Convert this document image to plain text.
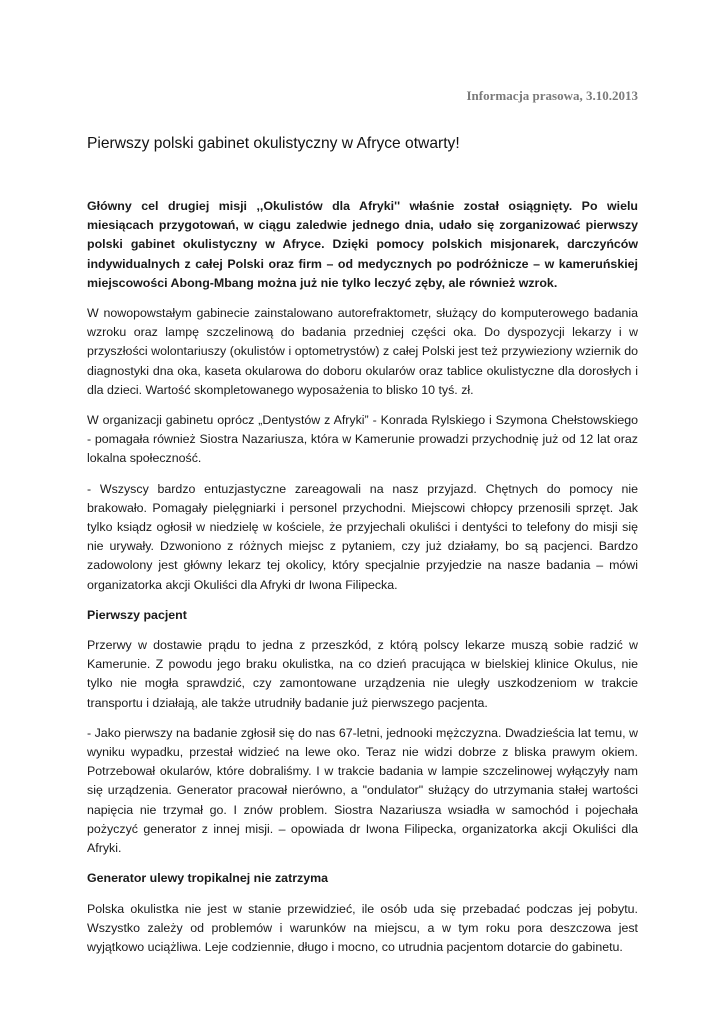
Informacja prasowa, 3.10.2013
Pierwszy polski gabinet okulistyczny w Afryce otwarty!

Główny cel drugiej misji ,,Okulistów dla Afryki'' właśnie został osiągnięty. Po wielu miesiącach przygotowań, w ciągu zaledwie jednego dnia, udało się zorganizować pierwszy polski gabinet okulistyczny w Afryce. Dzięki pomocy polskich misjonarek, darczyńców indywidualnych z całej Polski oraz firm – od medycznych po podróżnicze – w kameruńskiej miejscowości Abong-Mbang można już nie tylko leczyć zęby, ale również wzrok.

W nowopowstałym gabinecie zainstalowano autorefraktometr, służący do komputerowego badania wzroku oraz lampę szczelinową do badania przedniej części oka. Do dyspozycji lekarzy i w przyszłości wolontariuszy (okulistów i optometrystów) z całej Polski jest też przywieziony wziernik do diagnostyki dna oka, kaseta okularowa do doboru okularów oraz tablice okulistyczne dla dorosłych i dla dzieci. Wartość skompletowanego wyposażenia to blisko 10 tyś. zł.

W organizacji gabinetu oprócz „Dentystów z Afryki” - Konrada Rylskiego i Szymona Chełstowskiego - pomagała również Siostra Nazariusza, która w Kamerunie prowadzi przychodnię już od 12 lat oraz lokalna społeczność.

- Wszyscy bardzo entuzjastyczne zareagowali na nasz przyjazd. Chętnych do pomocy nie brakowało. Pomagały pielęgniarki i personel przychodni. Miejscowi chłopcy przenosili sprzęt. Jak tylko ksiądz ogłosił w niedzielę w kościele, że przyjechali okuliści i dentyści to telefony do misji się nie urywały. Dzwoniono z różnych miejsc z pytaniem, czy już działamy, bo są pacjenci. Bardzo zadowolony jest główny lekarz tej okolicy, który specjalnie przyjedzie na nasze badania – mówi organizatorka akcji Okuliści dla Afryki dr Iwona Filipecka.

Pierwszy pacjent

Przerwy w dostawie prądu to jedna z przeszkód, z którą polscy lekarze muszą sobie radzić w Kamerunie. Z powodu jego braku okulistka, na co dzień pracująca w bielskiej klinice Okulus, nie tylko nie mogła sprawdzić, czy zamontowane urządzenia nie uległy uszkodzeniom w trakcie transportu i działają, ale także utrudniły badanie już pierwszego pacjenta.

- Jako pierwszy na badanie zgłosił się do nas 67-letni, jednooki mężczyzna. Dwadzieścia lat temu, w wyniku wypadku, przestał widzieć na lewe oko. Teraz nie widzi dobrze z bliska prawym okiem. Potrzebował okularów, które dobraliśmy. I w trakcie badania w lampie szczelinowej wyłączyły nam się urządzenia. Generator pracował nierówno, a "ondulator" służący do utrzymania stałej wartości napięcia nie trzymał go. I znów problem. Siostra Nazariusza wsiadła w samochód i pojechała pożyczyć generator z innej misji. – opowiada dr Iwona Filipecka, organizatorka akcji Okuliści dla Afryki.

Generator ulewy tropikalnej nie zatrzyma

Polska okulistka nie jest w stanie przewidzieć, ile osób uda się przebadać podczas jej pobytu. Wszystko zależy od problemów i warunków na miejscu, a w tym roku pora deszczowa jest wyjątkowo uciążliwa. Leje codziennie, długo i mocno, co utrudnia pacjentom dotarcie do gabinetu.
